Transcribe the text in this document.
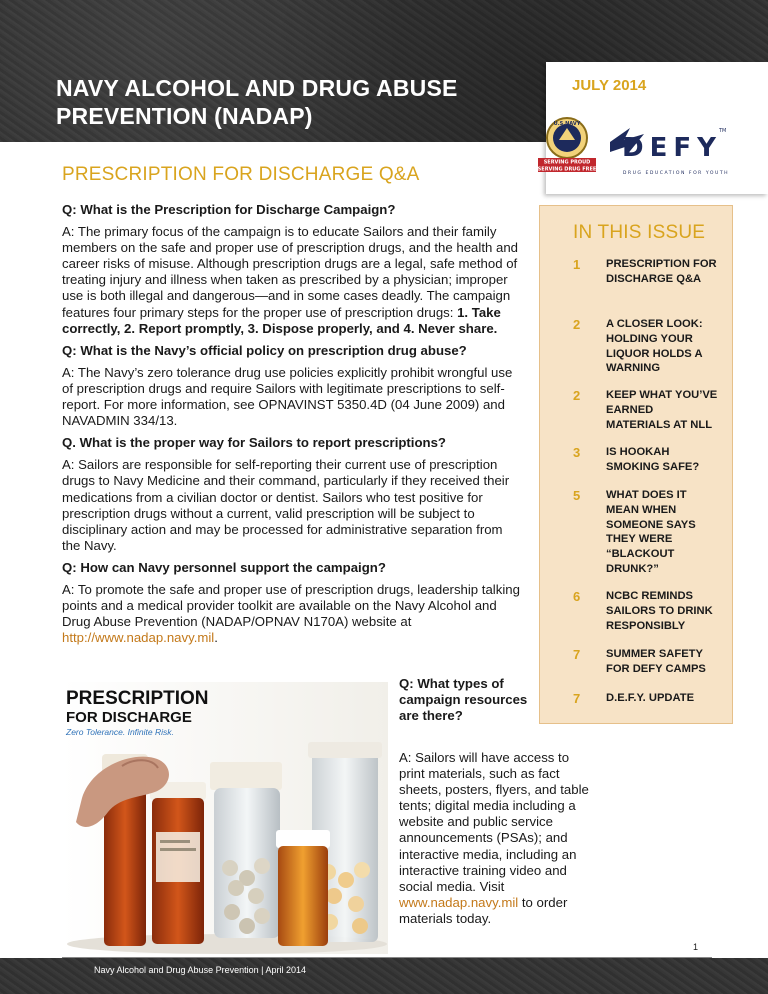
NAVY ALCOHOL AND DRUG ABUSE
PREVENTION (NADAP)
JULY 2014
U.S.NAVY
SERVING PROUD
SERVING DRUG FREE
DEFY
TM
DRUG EDUCATION FOR YOUTH
PRESCRIPTION FOR DISCHARGE Q&A
Q: What is the Prescription for Discharge Campaign?
A: The primary focus of the campaign is to educate Sailors and their family members on the safe and proper use of prescription drugs, and the health and career risks of misuse. Although prescription drugs are a legal, safe method of treating injury and illness when taken as prescribed by a physician; improper use is both illegal and dangerous—and in some cases deadly. The campaign features four primary steps for the proper use of prescription drugs: 1. Take correctly, 2. Report promptly, 3. Dispose properly, and 4. Never share.
Q: What is the Navy’s official policy on prescription drug abuse?
A: The Navy’s zero tolerance drug use policies explicitly prohibit wrongful use of prescription drugs and require Sailors with legitimate prescriptions to self-report. For more information, see OPNAVINST 5350.4D (04 June 2009) and NAVADMIN 334/13.
Q. What is the proper way for Sailors to report prescriptions?
A: Sailors are responsible for self-reporting their current use of prescription drugs to Navy Medicine and their command, particularly if they received their medications from a civilian doctor or dentist. Sailors who test positive for prescription drugs without a current, valid prescription will be subject to disciplinary action and may be processed for administrative separation from the Navy.
Q: How can Navy personnel support the campaign?
A: To promote the safe and proper use of prescription drugs, leadership talking points and a medical provider toolkit are available on the Navy Alcohol and Drug Abuse Prevention (NADAP/OPNAV N170A) website at http://www.nadap.navy.mil.
Q: What types of campaign resources are there?
A: Sailors will have access to print materials, such as fact sheets, posters, flyers, and table tents; digital media including a website and public service announcements (PSAs); and interactive media, including an interactive training video and social media. Visit www.nadap.navy.mil to order materials today.
PRESCRIPTION
FOR DISCHARGE
Zero Tolerance. Infinite Risk.
IN THIS ISSUE
1 PRESCRIPTION FOR DISCHARGE Q&A
2 A CLOSER LOOK: HOLDING YOUR LIQUOR HOLDS A WARNING
2 KEEP WHAT YOU’VE EARNED MATERIALS AT NLL
3 IS HOOKAH SMOKING SAFE?
5 WHAT DOES IT MEAN WHEN SOMEONE SAYS THEY WERE “BLACKOUT DRUNK?”
6 NCBC REMINDS SAILORS TO DRINK RESPONSIBLY
7 SUMMER SAFETY FOR DEFY CAMPS
7 D.E.F.Y. UPDATE
1
Navy Alcohol and Drug Abuse Prevention | April 2014
